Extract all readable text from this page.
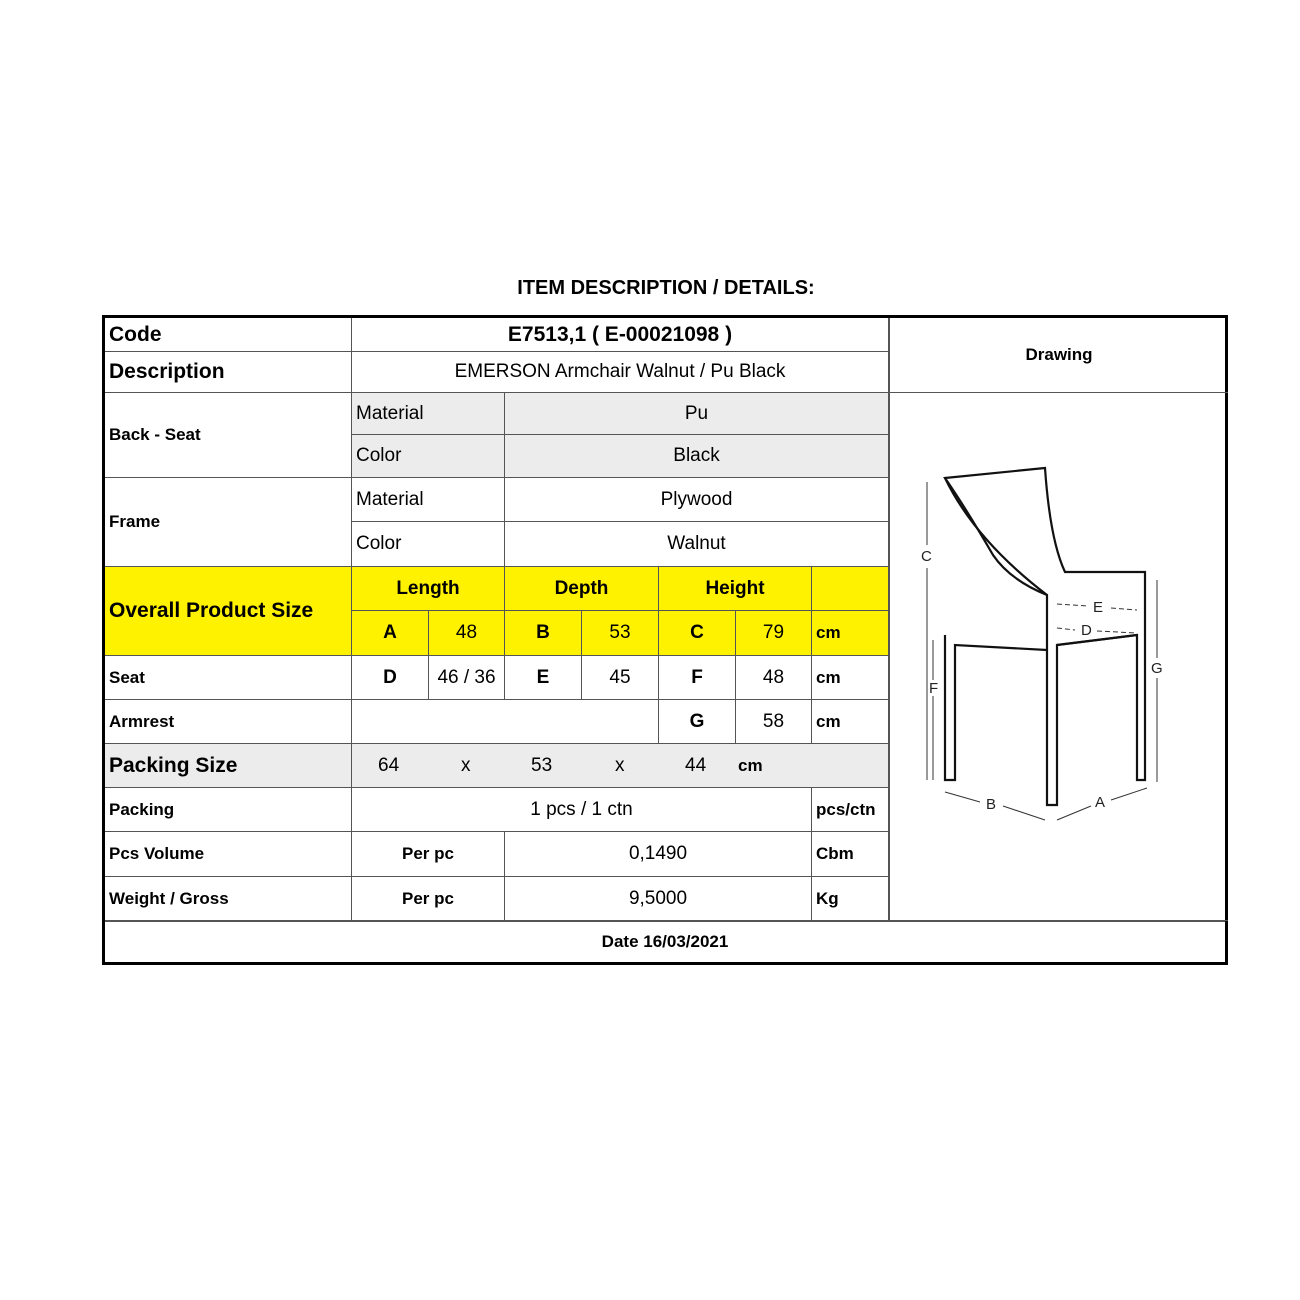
ITEM DESCRIPTION / DETAILS:
Code	E7513,1 ( E-00021098 )
Drawing
Description	EMERSON Armchair Walnut / Pu Black
Back - Seat
Material	Pu
Color	Black
Frame
Material	Plywood
Color	Walnut
Overall Product Size
Length	Depth	Height
A	48	B	53	C	79	cm
Seat	D	46 / 36	E	45	F	48	cm
Armrest	G	58	cm
Packing Size	64	x	53	x	44 cm
Packing	1 pcs / 1 ctn	pcs/ctn
Pcs Volume	Per pc	0,1490	Cbm
Weight / Gross	Per pc	9,5000	Kg
Date 16/03/2021
C
F
G
E
D
B	A
